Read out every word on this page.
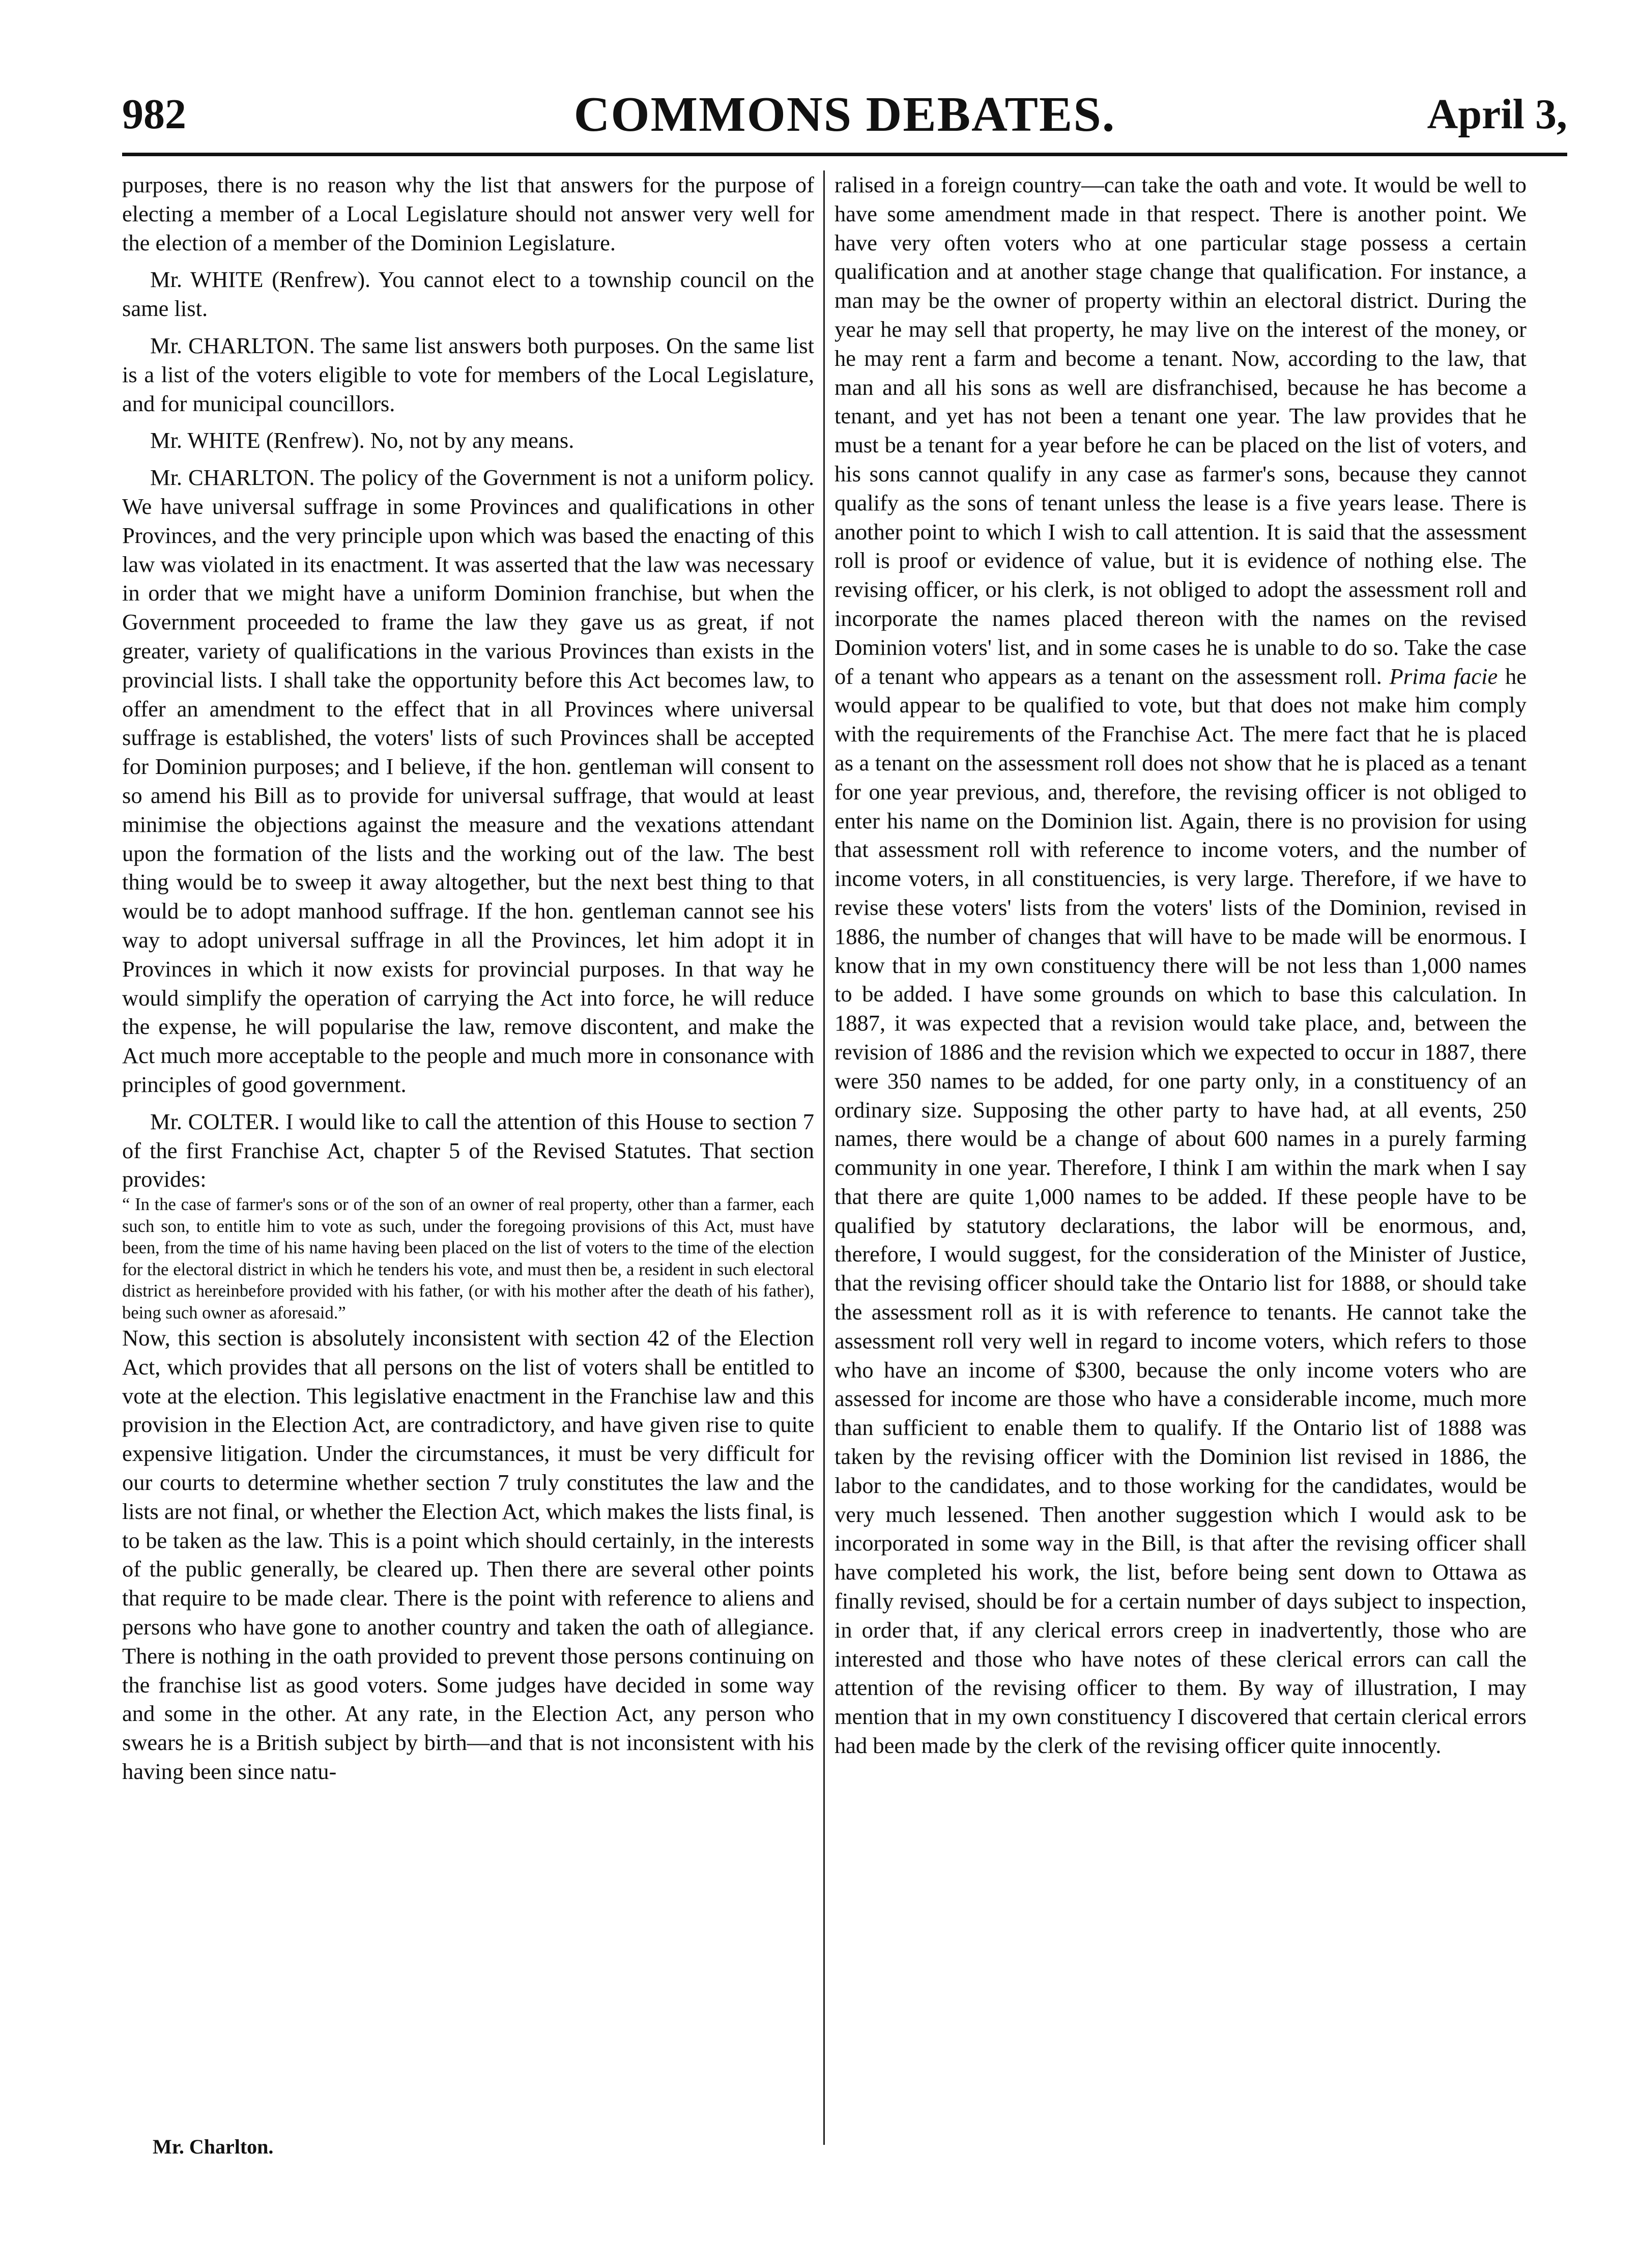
982	COMMONS DEBATES.	April 3,

purposes, there is no reason why the list that answers for the purpose of electing a member of a Local Legislature should not answer very well for the election of a member of the Dominion Legislature.

Mr. WHITE (Renfrew). You cannot elect to a township council on the same list.

Mr. CHARLTON. The same list answers both purposes. On the same list is a list of the voters eligible to vote for members of the Local Legislature, and for municipal councillors.

Mr. WHITE (Renfrew). No, not by any means.

Mr. CHARLTON. The policy of the Government is not a uniform policy. We have universal suffrage in some Provinces and qualifications in other Provinces, and the very principle upon which was based the enacting of this law was violated in its enactment. It was asserted that the law was necessary in order that we might have a uniform Dominion franchise, but when the Government proceeded to frame the law they gave us as great, if not greater, variety of qualifications in the various Provinces than exists in the provincial lists. I shall take the opportunity before this Act becomes law, to offer an amendment to the effect that in all Provinces where universal suffrage is established, the voters' lists of such Provinces shall be accepted for Dominion purposes; and I believe, if the hon. gentleman will consent to so amend his Bill as to provide for universal suffrage, that would at least minimise the objections against the measure and the vexations attendant upon the formation of the lists and the working out of the law. The best thing would be to sweep it away altogether, but the next best thing to that would be to adopt manhood suffrage. If the hon. gentleman cannot see his way to adopt universal suffrage in all the Provinces, let him adopt it in Provinces in which it now exists for provincial purposes. In that way he would simplify the operation of carrying the Act into force, he will reduce the expense, he will popularise the law, remove discontent, and make the Act much more acceptable to the people and much more in consonance with principles of good government.

Mr. COLTER. I would like to call the attention of this House to section 7 of the first Franchise Act, chapter 5 of the Revised Statutes. That section provides:

“ In the case of farmer's sons or of the son of an owner of real property, other than a farmer, each such son, to entitle him to vote as such, under the foregoing provisions of this Act, must have been, from the time of his name having been placed on the list of voters to the time of the election for the electoral district in which he tenders his vote, and must then be, a resident in such electoral district as hereinbefore provided with his father, (or with his mother after the death of his father), being such owner as aforesaid.”

Now, this section is absolutely inconsistent with section 42 of the Election Act, which provides that all persons on the list of voters shall be entitled to vote at the election. This legislative enactment in the Franchise law and this provision in the Election Act, are contradictory, and have given rise to quite expensive litigation. Under the circumstances, it must be very difficult for our courts to determine whether section 7 truly constitutes the law and the lists are not final, or whether the Election Act, which makes the lists final, is to be taken as the law. This is a point which should certainly, in the interests of the public generally, be cleared up. Then there are several other points that require to be made clear. There is the point with reference to aliens and persons who have gone to another country and taken the oath of allegiance. There is nothing in the oath provided to prevent those persons continuing on the franchise list as good voters. Some judges have decided in some way and some in the other. At any rate, in the Election Act, any person who swears he is a British subject by birth—and that is not inconsistent with his having been since natu-

ralised in a foreign country—can take the oath and vote. It would be well to have some amendment made in that respect. There is another point. We have very often voters who at one particular stage possess a certain qualification and at another stage change that qualification. For instance, a man may be the owner of property within an electoral district. During the year he may sell that property, he may live on the interest of the money, or he may rent a farm and become a tenant. Now, according to the law, that man and all his sons as well are disfranchised, because he has become a tenant, and yet has not been a tenant one year. The law provides that he must be a tenant for a year before he can be placed on the list of voters, and his sons cannot qualify in any case as farmer's sons, because they cannot qualify as the sons of tenant unless the lease is a five years lease. There is another point to which I wish to call attention. It is said that the assessment roll is proof or evidence of value, but it is evidence of nothing else. The revising officer, or his clerk, is not obliged to adopt the assessment roll and incorporate the names placed thereon with the names on the revised Dominion voters' list, and in some cases he is unable to do so. Take the case of a tenant who appears as a tenant on the assessment roll. Prima facie he would appear to be qualified to vote, but that does not make him comply with the requirements of the Franchise Act. The mere fact that he is placed as a tenant on the assessment roll does not show that he is placed as a tenant for one year previous, and, therefore, the revising officer is not obliged to enter his name on the Dominion list. Again, there is no provision for using that assessment roll with reference to income voters, and the number of income voters, in all constituencies, is very large. Therefore, if we have to revise these voters' lists from the voters' lists of the Dominion, revised in 1886, the number of changes that will have to be made will be enormous. I know that in my own constituency there will be not less than 1,000 names to be added. I have some grounds on which to base this calculation. In 1887, it was expected that a revision would take place, and, between the revision of 1886 and the revision which we expected to occur in 1887, there were 350 names to be added, for one party only, in a constituency of an ordinary size. Supposing the other party to have had, at all events, 250 names, there would be a change of about 600 names in a purely farming community in one year. Therefore, I think I am within the mark when I say that there are quite 1,000 names to be added. If these people have to be qualified by statutory declarations, the labor will be enormous, and, therefore, I would suggest, for the consideration of the Minister of Justice, that the revising officer should take the Ontario list for 1888, or should take the assessment roll as it is with reference to tenants. He cannot take the assessment roll very well in regard to income voters, which refers to those who have an income of $300, because the only income voters who are assessed for income are those who have a considerable income, much more than sufficient to enable them to qualify. If the Ontario list of 1888 was taken by the revising officer with the Dominion list revised in 1886, the labor to the candidates, and to those working for the candidates, would be very much lessened. Then another suggestion which I would ask to be incorporated in some way in the Bill, is that after the revising officer shall have completed his work, the list, before being sent down to Ottawa as finally revised, should be for a certain number of days subject to inspection, in order that, if any clerical errors creep in inadvertently, those who are interested and those who have notes of these clerical errors can call the attention of the revising officer to them. By way of illustration, I may mention that in my own constituency I discovered that certain clerical errors had been made by the clerk of the revising officer quite innocently.

Mr. Charlton.
